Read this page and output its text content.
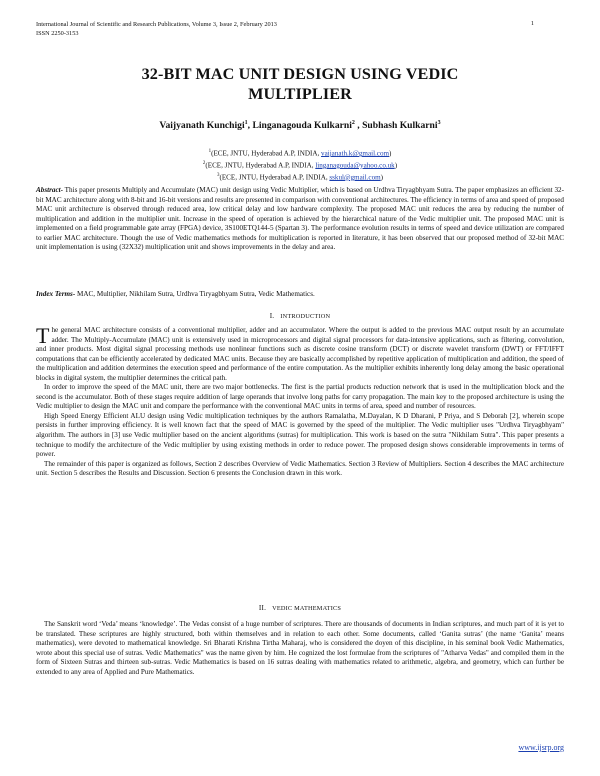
International Journal of Scientific and Research Publications, Volume 3, Issue 2, February 2013
ISSN 2250-3153
1
32-BIT MAC UNIT DESIGN USING VEDIC
MULTIPLIER
Vaijyanath Kunchigi$^1$, Linganagouda Kulkarni$^2$ , Subhash Kulkarni$^3$
$^1$(ECE, JNTU, Hyderabad A.P, INDIA, vaijanath.k@gmail.com)
$^2$(ECE, JNTU, Hyderabad A.P, INDIA, linganagouda@yahoo.co.uk)
$^3$(ECE, JNTU, Hyderabad A.P, INDIA, sskul@gmail.com)
Abstract- This paper presents Multiply and Accumulate (MAC) unit design using Vedic Multiplier, which is based on Urdhva Tiryagbhyam Sutra. The paper emphasizes an efficient 32-bit MAC architecture along with 8-bit and 16-bit versions and results are presented in comparison with conventional architectures. The efficiency in terms of area and speed of proposed MAC unit architecture is observed through reduced area, low critical delay and low hardware complexity. The proposed MAC unit reduces the area by reducing the number of multiplication and addition in the multiplier unit. Increase in the speed of operation is achieved by the hierarchical nature of the Vedic multiplier unit. The proposed MAC unit is implemented on a field programmable gate array (FPGA) device, 3S100ETQ144-5 (Spartan 3). The performance evolution results in terms of speed and device utilization are compared to earlier MAC architecture. Though the use of Vedic mathematics methods for multiplication is reported in literature, it has been observed that our proposed method of 32-bit MAC unit implementation is using (32X32) multiplication unit and shows improvements in the delay and area.
Index Terms- MAC, Multiplier, Nikhilam Sutra, Urdhva Tiryagbhyam Sutra, Vedic Mathematics.
I. INTRODUCTION

The general MAC architecture consists of a conventional multiplier, adder and an accumulator. Where the output is added to the previous MAC output result by an accumulate adder. The Multiply-Accumulate (MAC) unit is extensively used in microprocessors and digital signal processors for data-intensive applications, such as filtering, convolution, and inner products. Most digital signal processing methods use nonlinear functions such as discrete cosine transform (DCT) or discrete wavelet transform (DWT) or FFT/IFFT computations that can be efficiently accelerated by dedicated MAC units. Because they are basically accomplished by repetitive application of multiplication and addition, the speed of the multiplication and addition determines the execution speed and performance of the entire computation. As the multiplier exhibits inherently long delay among the basic operational blocks in digital system, the multiplier determines the critical path.

In order to improve the speed of the MAC unit, there are two major bottlenecks. The first is the partial products reduction network that is used in the multiplication block and the second is the accumulator. Both of these stages require addition of large operands that involve long paths for carry propagation. The main key to the proposed architecture is using the Vedic multiplier to design the MAC unit and compare the performance with the conventional MAC units in terms of area, speed and number of resources.

High Speed Energy Efficient ALU design using Vedic multiplication techniques by the authors Ramalatha, M.Dayalan, K D Dharani, P Priya, and S Deborah [2], wherein scope persists in further improving efficiency. It is well known fact that the speed of MAC is governed by the speed of the multiplier. The Vedic multiplier uses "Urdhva Tiryagbhyam" algorithm. The authors in [3] use Vedic multiplier based on the ancient algorithms (sutras) for multiplication. This work is based on the sutra "Nikhilam Sutra". This paper presents a technique to modify the architecture of the Vedic multiplier by using existing methods in order to reduce power. The proposed design shows considerable improvements in terms of power.

The remainder of this paper is organized as follows, Section 2 describes Overview of Vedic Mathematics. Section 3 Review of Multipliers. Section 4 describes the MAC architecture unit. Section 5 describes the Results and Discussion. Section 6 presents the Conclusion drawn in this work.

II. VEDIC MATHEMATICS

The Sanskrit word ‘Veda’ means ‘knowledge’. The Vedas consist of a huge number of scriptures. There are thousands of documents in Indian scriptures, and much part of it is yet to be translated. These scriptures are highly structured, both within themselves and in relation to each other. Some documents, called ‘Ganita sutras’ (the name ‘Ganita’ means mathematics), were devoted to mathematical knowledge. Sri Bharati Krishna Tirtha Maharaj, who is considered the doyen of this discipline, in his seminal book Vedic Mathematics, wrote about this special use of sutras. Vedic Mathematics" was the name given by him. He cognized the lost formulae from the scriptures of "Atharva Vedas" and compiled them in the form of Sixteen Sutras and thirteen sub-sutras. Vedic Mathematics is based on 16 sutras dealing with mathematics related to arithmetic, algebra, and geometry, which can further be extended to any area of Applied and Pure Mathematics.

www.ijsrp.org
